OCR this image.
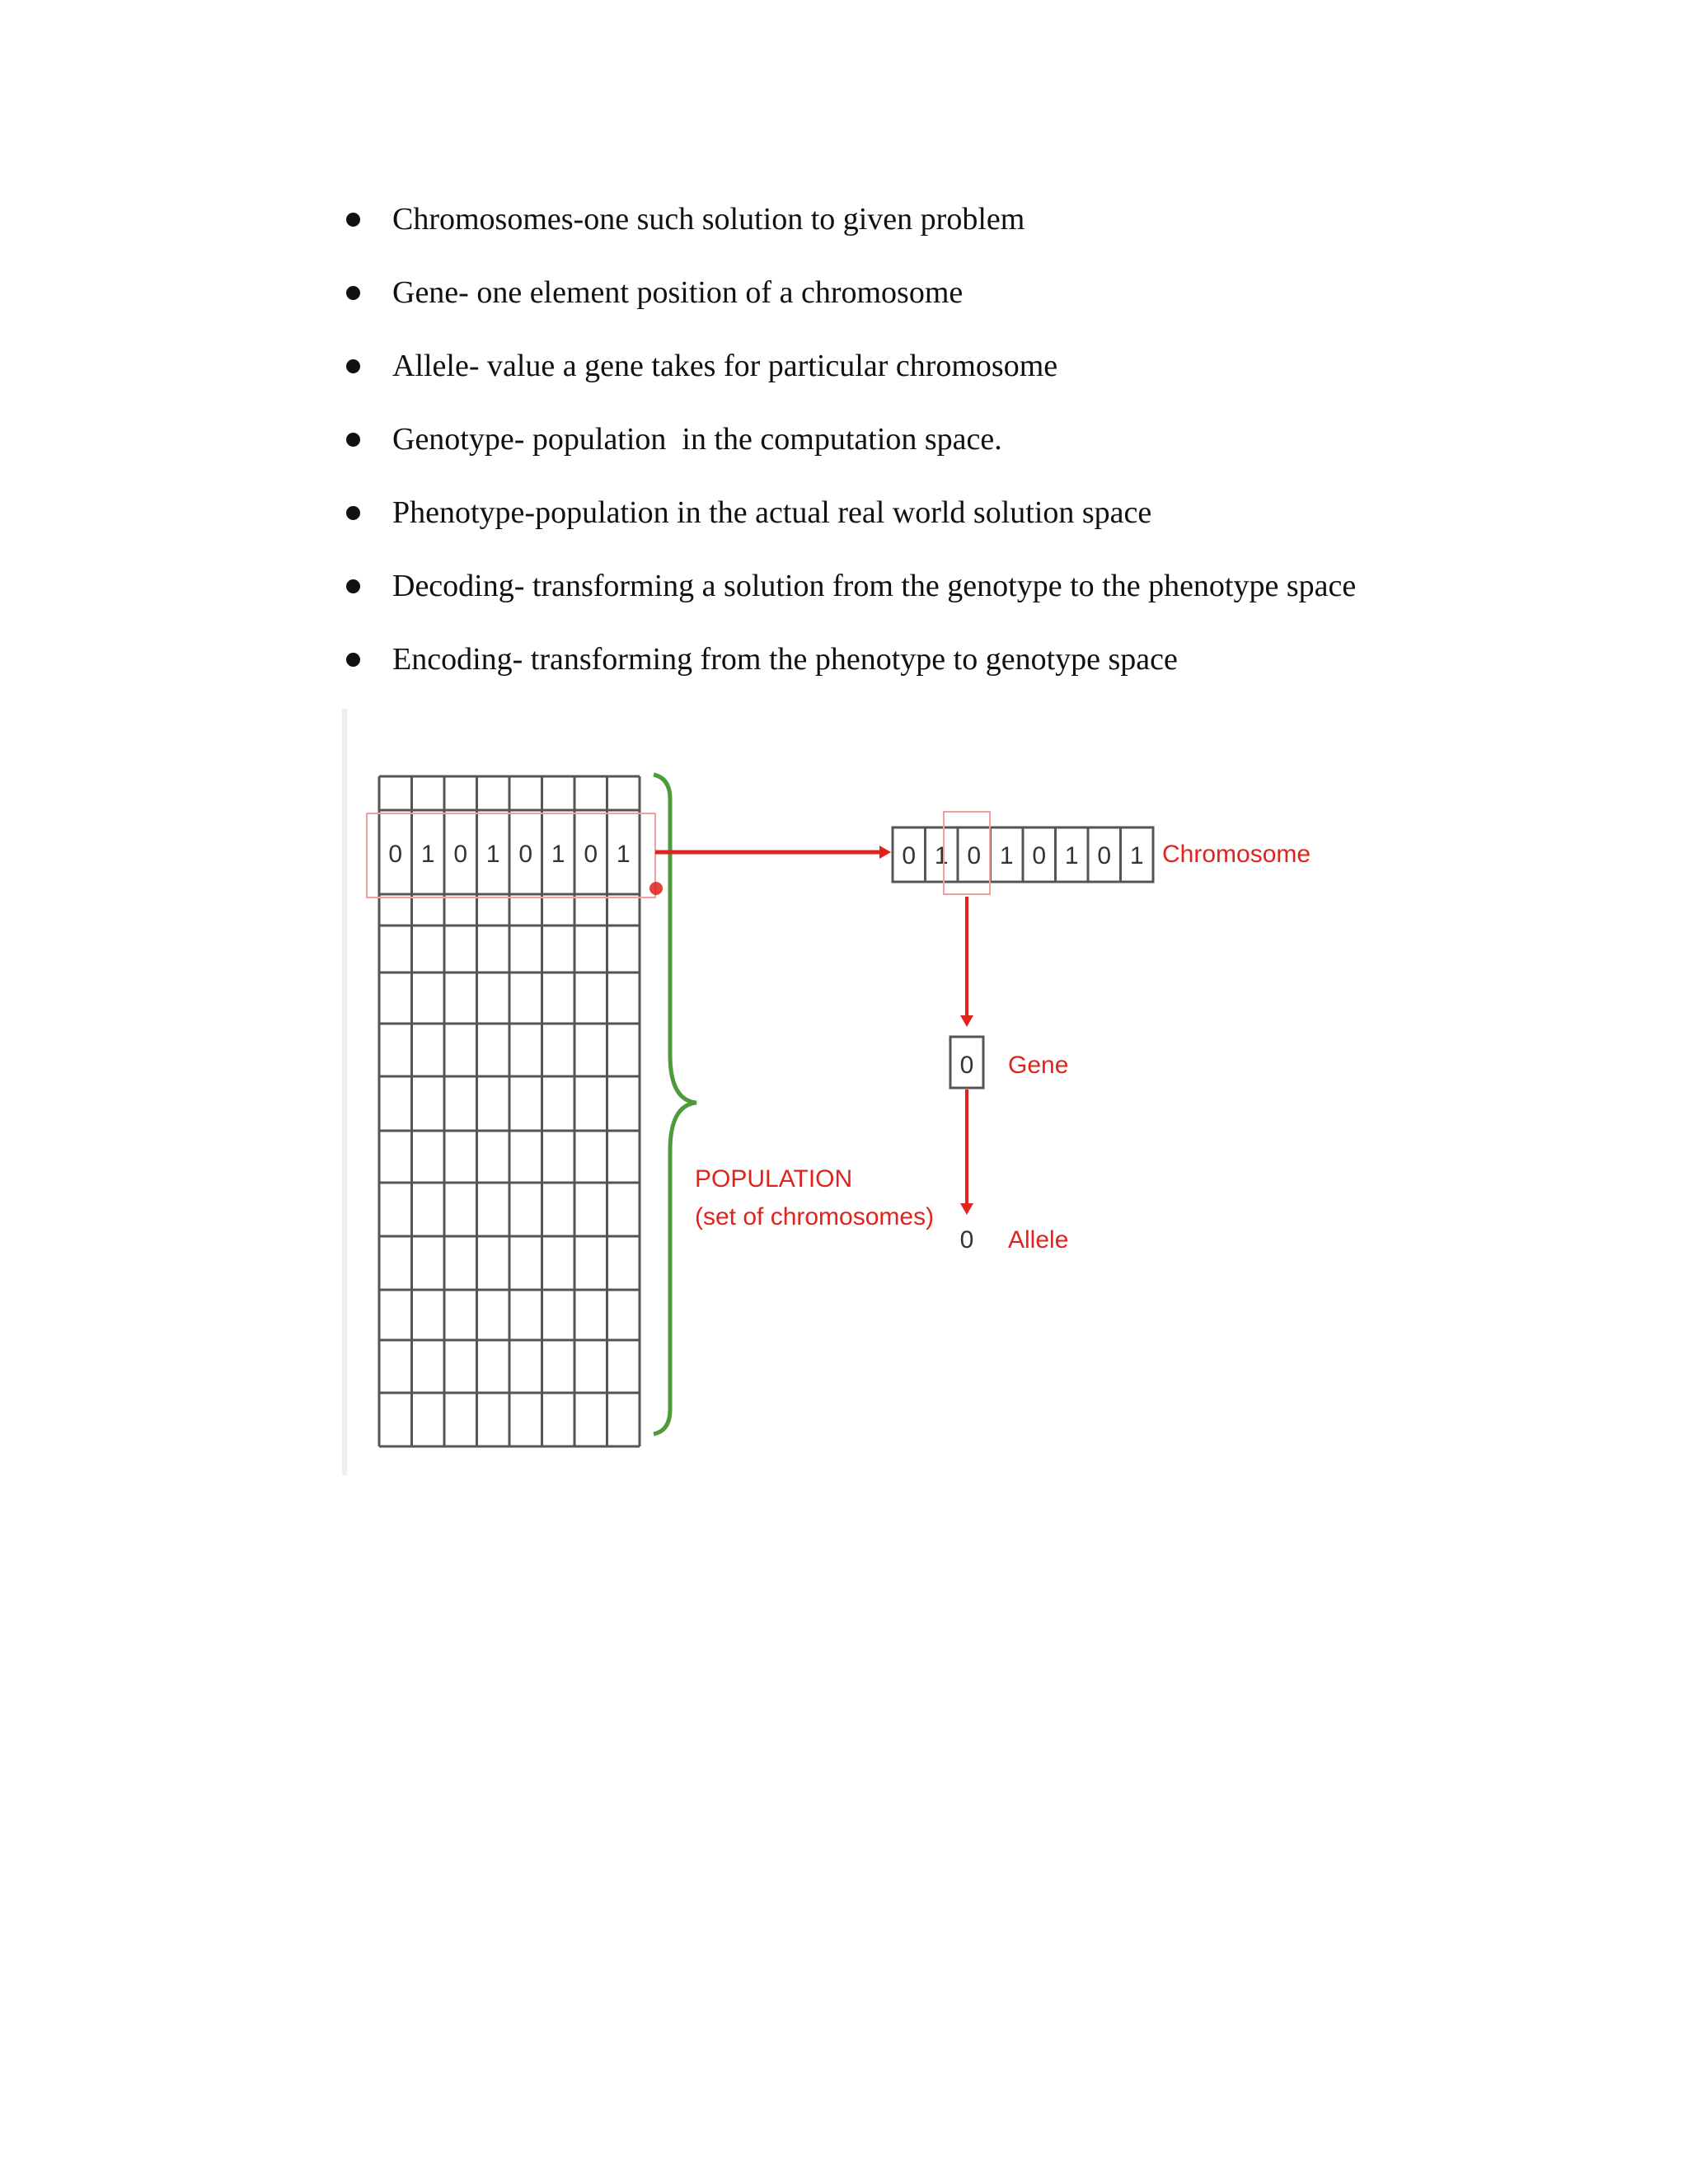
Chromosomes-one such solution to given problem
Gene- one element position of a chromosome
Allele- value a gene takes for particular chromosome
Genotype- population  in the computation space.
Phenotype-population in the actual real world solution space
Decoding- transforming a solution from the genotype to the phenotype space
Encoding- transforming from the phenotype to genotype space
0 1 0 1 0 1 0 1	0 1 0 1 0 1 0 1 Chromosome
0 Gene
0 Allele
POPULATION
(set of chromosomes)
